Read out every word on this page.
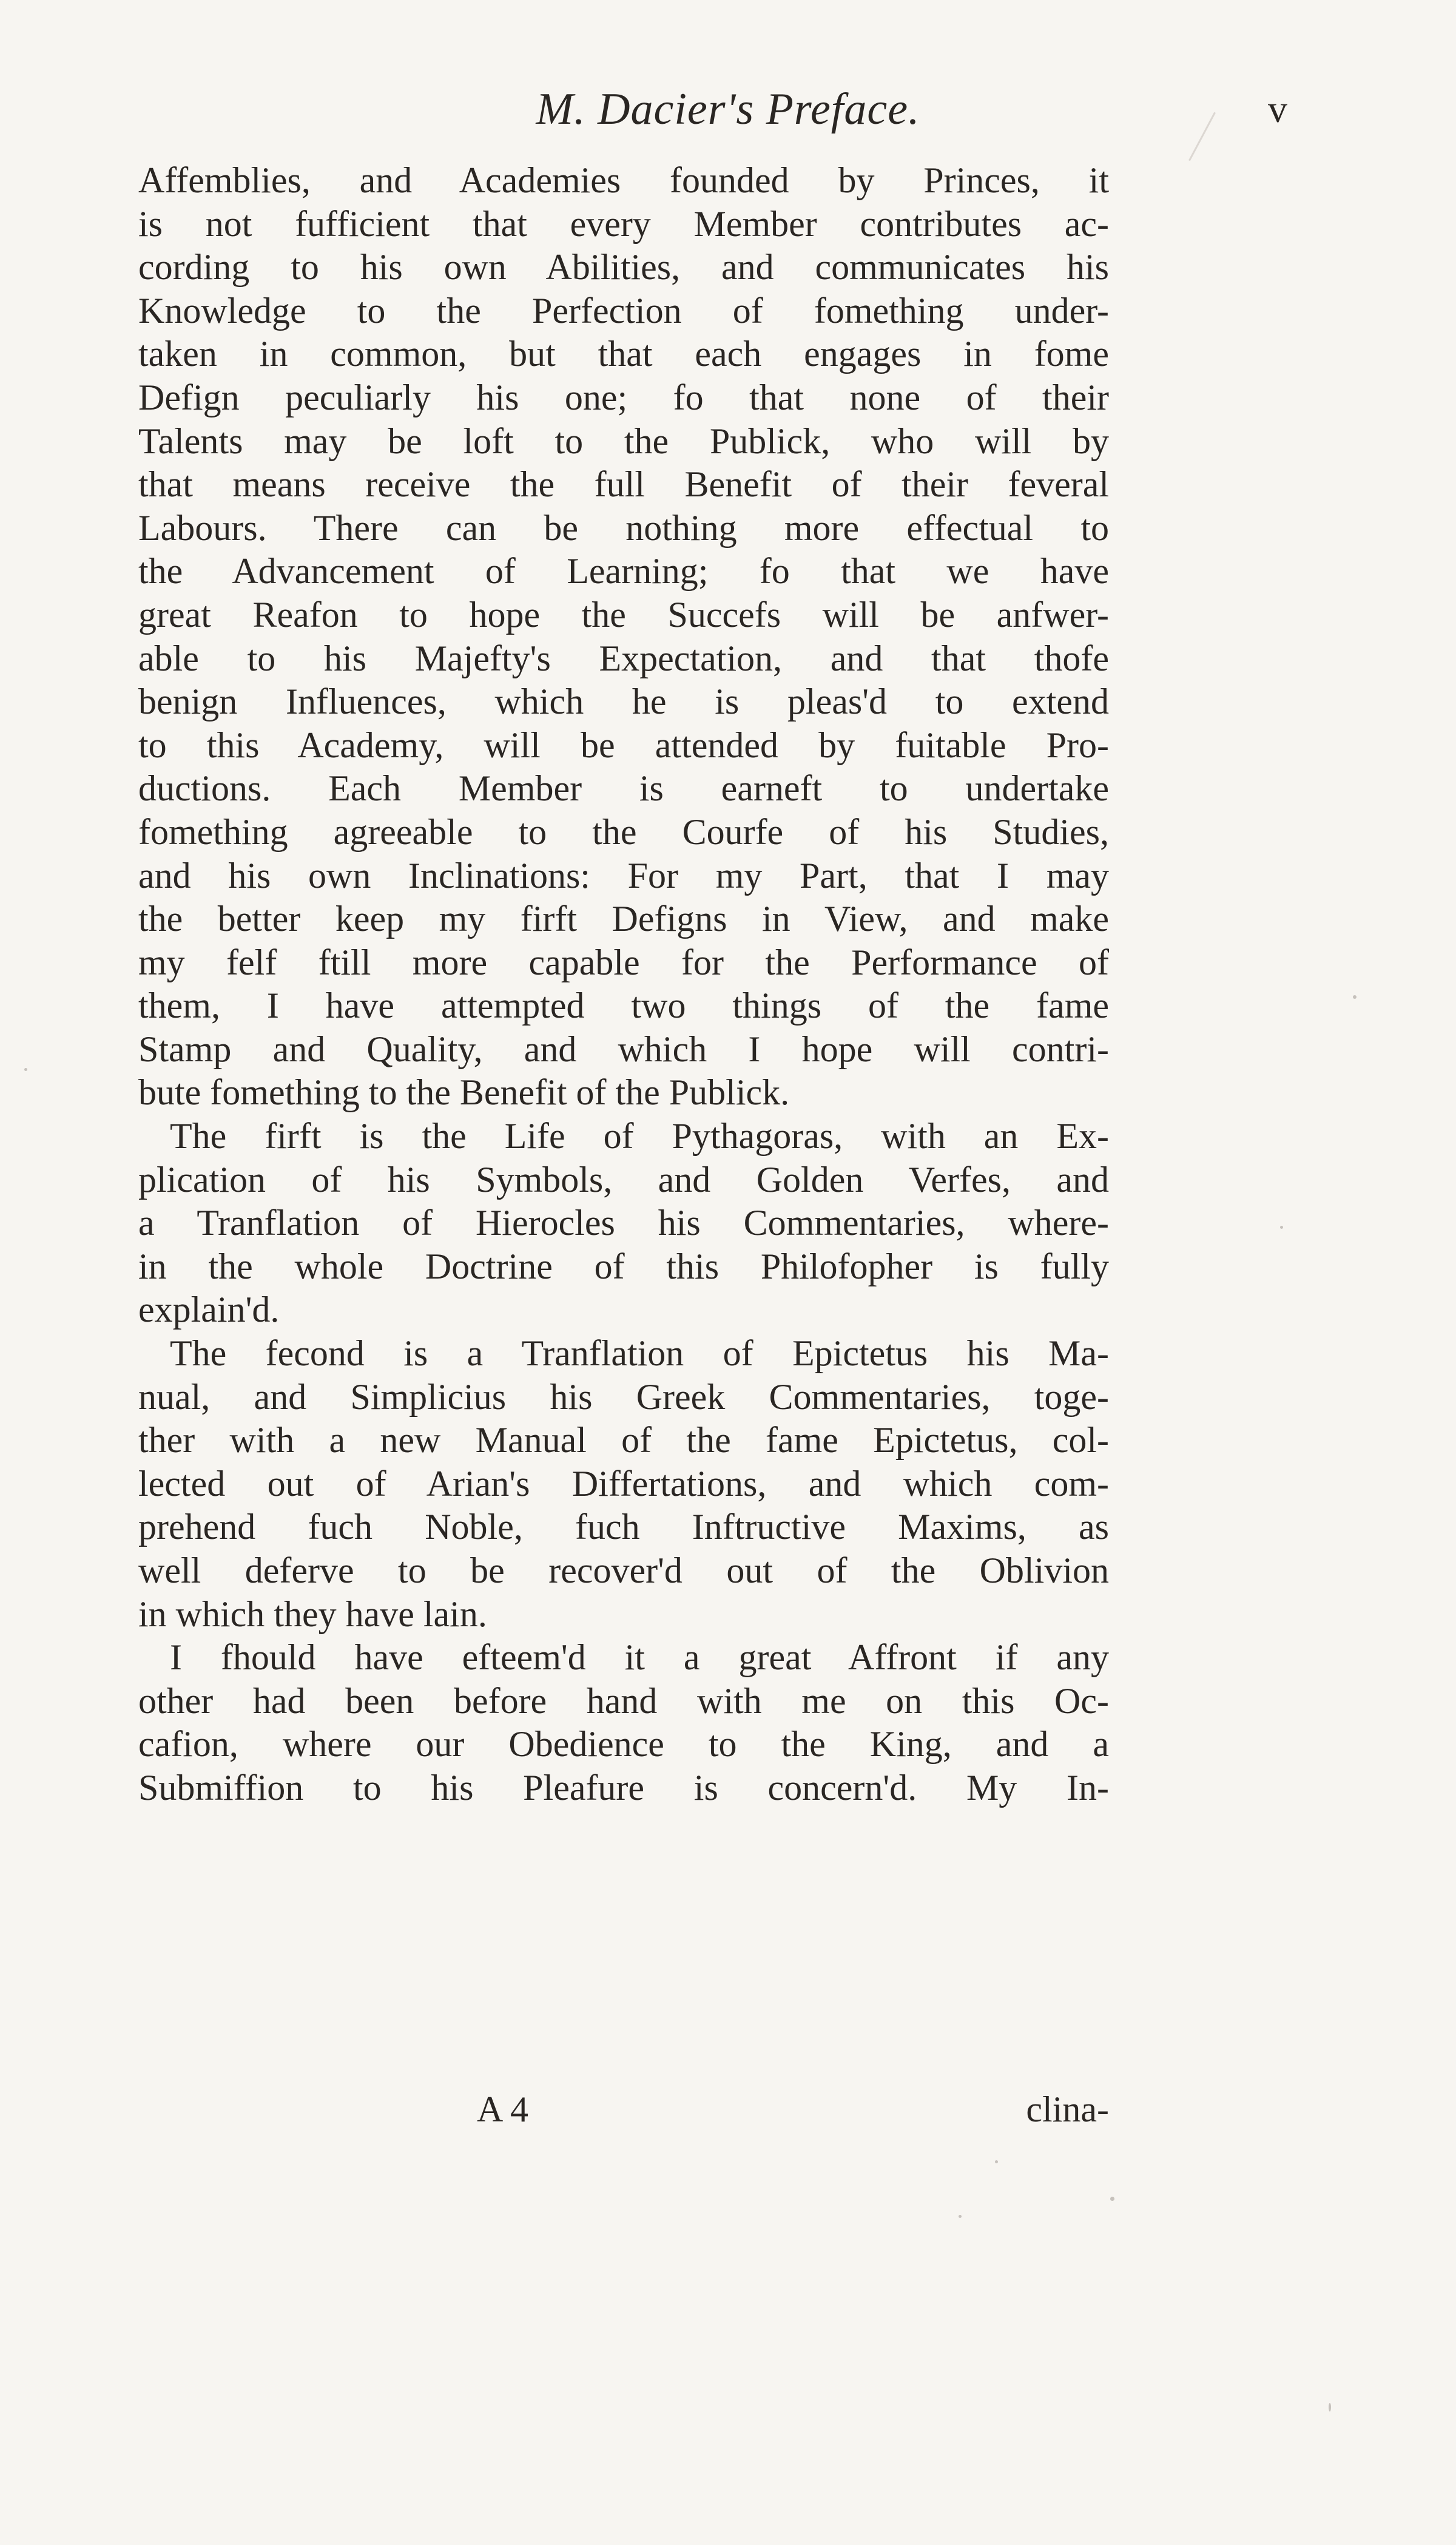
M. Dacier's Preface.	v
Affemblies, and Academies founded by Princes, it
is not fufficient that every Member contributes ac-
cording to his own Abilities, and communicates his
Knowledge to the Perfection of fomething under-
taken in common, but that each engages in fome
Defign peculiarly his one; fo that none of their
Talents may be loft to the Publick, who will by
that means receive the full Benefit of their feveral
Labours. There can be nothing more effectual to
the Advancement of Learning; fo that we have
great Reafon to hope the Succefs will be anfwer-
able to his Majefty's Expectation, and that thofe
benign Influences, which he is pleas'd to extend
to this Academy, will be attended by fuitable Pro-
ductions. Each Member is earneft to undertake
fomething agreeable to the Courfe of his Studies,
and his own Inclinations: For my Part, that I may
the better keep my firft Defigns in View, and make
my felf ftill more capable for the Performance of
them, I have attempted two things of the fame
Stamp and Quality, and which I hope will contri-
bute fomething to the Benefit of the Publick.
The firft is the Life of Pythagoras, with an Ex-
plication of his Symbols, and Golden Verfes, and
a Tranflation of Hierocles his Commentaries, where-
in the whole Doctrine of this Philofopher is fully
explain'd.
The fecond is a Tranflation of Epictetus his Ma-
nual, and Simplicius his Greek Commentaries, toge-
ther with a new Manual of the fame Epictetus, col-
lected out of Arian's Differtations, and which com-
prehend fuch Noble, fuch Inftructive Maxims, as
well deferve to be recover'd out of the Oblivion
in which they have lain.
I fhould have efteem'd it a great Affront if any
other had been before hand with me on this Oc-
cafion, where our Obedience to the King, and a
Submiffion to his Pleafure is concern'd. My In-
A 4	clina-
